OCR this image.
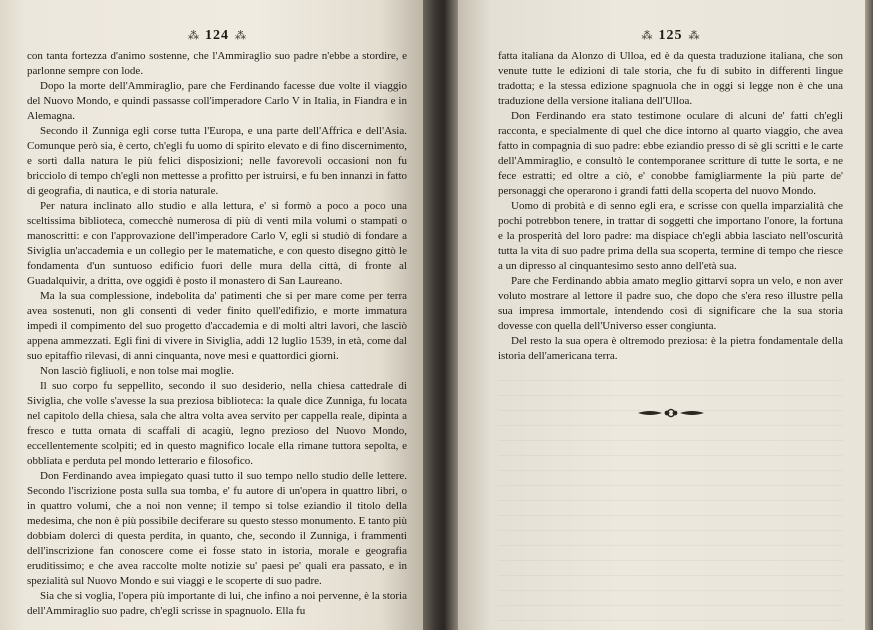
⁂ 124 ⁂

con tanta fortezza d'animo sostenne, che l'Ammiraglio suo padre n'ebbe a stordire, e parlonne sempre con lode.

Dopo la morte dell'Ammiraglio, pare che Ferdinando facesse due volte il viaggio del Nuovo Mondo, e quindi passasse coll'imperadore Carlo V in Italia, in Fiandra e in Alemagna.

Secondo il Zunniga egli corse tutta l'Europa, e una parte dell'Affrica e dell'Asia. Comunque però sia, è certo, ch'egli fu uomo di spirito elevato e di fino discernimento, e sortì dalla natura le più felici disposizioni; nelle favorevoli occasioni non fu bricciolo di tempo ch'egli non mettesse a profitto per istruirsi, e fu ben innanzi in fatto di geografia, di nautica, e di storia naturale.

Per natura inclinato allo studio e alla lettura, e' si formò a poco a poco una sceltissima biblioteca, comecchè numerosa di più di venti mila volumi o stampati o manoscritti: e con l'approvazione dell'imperadore Carlo V, egli si studiò di fondare a Siviglia un'accademia e un collegio per le matematiche, e con questo disegno gittò le fondamenta d'un suntuoso edificio fuori delle mura della città, di fronte al Guadalquivir, a dritta, ove oggidì è posto il monastero di San Laureano.

Ma la sua complessione, indebolita da' patimenti che si per mare come per terra avea sostenuti, non gli consentì di veder finito quell'edifizio, e morte immatura impedì il compimento del suo progetto d'accademia e di molti altri lavori, che lasciò appena ammezzati. Egli finì di vivere in Siviglia, addì 12 luglio 1539, in età, come dal suo epitaffio rilevasi, di anni cinquanta, nove mesi e quattordici giorni.

Non lasciò figliuoli, e non tolse mai moglie.

Il suo corpo fu seppellito, secondo il suo desiderio, nella chiesa cattedrale di Siviglia, che volle s'avesse la sua preziosa biblioteca: la quale dice Zunniga, fu locata nel capitolo della chiesa, sala che altra volta avea servito per cappella reale, dipinta a fresco e tutta ornata di scaffali di acagiù, legno prezioso del Nuovo Mondo, eccellentemente scolpiti; ed in questo magnifico locale ella rimane tuttora sepolta, e obbliata e perduta pel mondo letterario e filosofico.

Don Ferdinando avea impiegato quasi tutto il suo tempo nello studio delle lettere. Secondo l'iscrizione posta sulla sua tomba, e' fu autore di un'opera in quattro libri, o in quattro volumi, che a noi non venne; il tempo si tolse eziandio il titolo della medesima, che non è più possibile deciferare su questo stesso monumento. E tanto più dobbiam dolerci di questa perdita, in quanto, che, secondo il Zunniga, i frammenti dell'inscrizione fan conoscere come ei fosse stato in istoria, morale e geografia eruditissimo; e che avea raccolte molte notizie su' paesi pe' quali era passato, e in spezialità sul Nuovo Mondo e sui viaggi e le scoperte di suo padre.

Sia che si voglia, l'opera più importante di lui, che infino a noi pervenne, è la storia dell'Ammiraglio suo padre, ch'egli scrisse in spagnuolo. Ella fu

⁂ 125 ⁂

fatta italiana da Alonzo di Ulloa, ed è da questa traduzione italiana, che son venute tutte le edizioni di tale storia, che fu di subito in differenti lingue tradotta; e la stessa edizione spagnuola che in oggi si legge non è che una traduzione della versione italiana dell'Ulloa.

Don Ferdinando era stato testimone oculare di alcuni de' fatti ch'egli racconta, e specialmente di quel che dice intorno al quarto viaggio, che avea fatto in compagnia di suo padre: ebbe eziandio presso di sè gli scritti e le carte dell'Ammiraglio, e consultò le contemporanee scritture di tutte le sorta, e ne fece estratti; ed oltre a ciò, e' conobbe famigliarmente la più parte de' personaggi che operarono i grandi fatti della scoperta del nuovo Mondo.

Uomo di probità e di senno egli era, e scrisse con quella imparzialità che pochi potrebbon tenere, in trattar di soggetti che importano l'onore, la fortuna e la prosperità del loro padre: ma dispiace ch'egli abbia lasciato nell'oscurità tutta la vita di suo padre prima della sua scoperta, termine di tempo che riesce a un dipresso al cinquantesimo sesto anno dell'età sua.

Pare che Ferdinando abbia amato meglio gittarvi sopra un velo, e non aver voluto mostrare al lettore il padre suo, che dopo che s'era reso illustre pella sua impresa immortale, intendendo così di significare che la sua storia dovesse con quella dell'Universo esser congiunta.

Del resto la sua opera è oltremodo preziosa: è la pietra fondamentale della istoria dell'americana terra.
